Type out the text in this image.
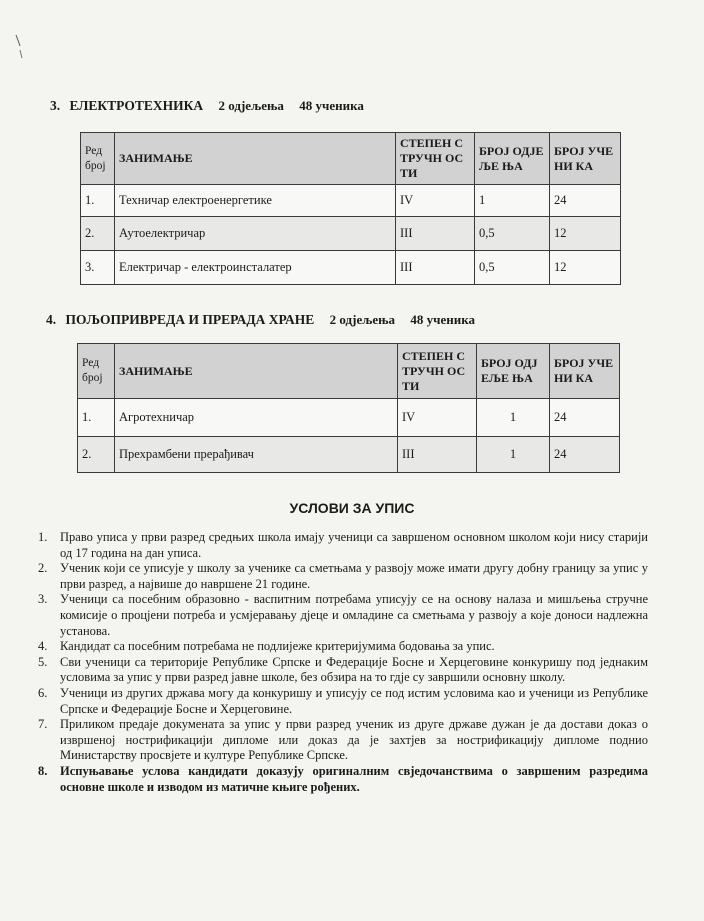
3. ЕЛЕКТРОТЕХНИКА 2 одјељења 48 ученика
Ред број	ЗАНИМАЊЕ	СТЕПЕН СТРУЧН ОСТИ	БРОЈ ОДЈЕЉЕ ЊА	БРОЈ УЧЕНИ КА

1.	Техничар електроенергетике	IV	1	24
2.	Аутоелектричар	III	0,5	12
3.	Електричар - електроинсталатер	III	0,5	12
4. ПОЉОПРИВРЕДА И ПРЕРАДА ХРАНЕ 2 одјељења 48 ученика
Ред број	ЗАНИМАЊЕ	СТЕПЕН СТРУЧН ОСТИ	БРОЈ ОДЈЕЉЕ ЊА	БРОЈ УЧЕНИ КА

1.	Агротехничар	IV	1	24
2.	Прехрамбени прерађивач	III	1	24
УСЛОВИ ЗА УПИС
1. Право уписа у први разред средњих школа имају ученици са завршеном основном школом који нису старији од 17 година на дан уписа.
2. Ученик који се уписује у школу за ученике са сметњама у развоју може имати другу добну границу за упис у први разред, а највише до навршене 21 године.
3. Ученици са посебним образовно - васпитним потребама уписују се на основу налаза и мишљења стручне комисије о процјени потреба и усмјеравању дјеце и омладине са сметњама у развоју а које доноси надлежна установа.
4. Кандидат са посебним потребама не подлијеже критеријумима бодовања за упис.
5. Сви ученици са територије Републике Српске и Федерације Босне и Херцеговине конкуришу под једнаким условима за упис у први разред јавне школе, без обзира на то гдје су завршили основну школу.
6. Ученици из других држава могу да конкуришу и уписују се под истим условима као и ученици из Републике Српске и Федерације Босне и Херцеговине.
7. Приликом предаје докумената за упис у први разред ученик из друге државе дужан је да достави доказ о извршеној нострификацији дипломе или доказ да је захтјев за нострификацију дипломе поднио Министарству просвјете и културе Републике Српске.
8. Испуњавање услова кандидати доказују оригиналним свједочанствима о завршеним разредима основне школе и изводом из матичне књиге рођених.
